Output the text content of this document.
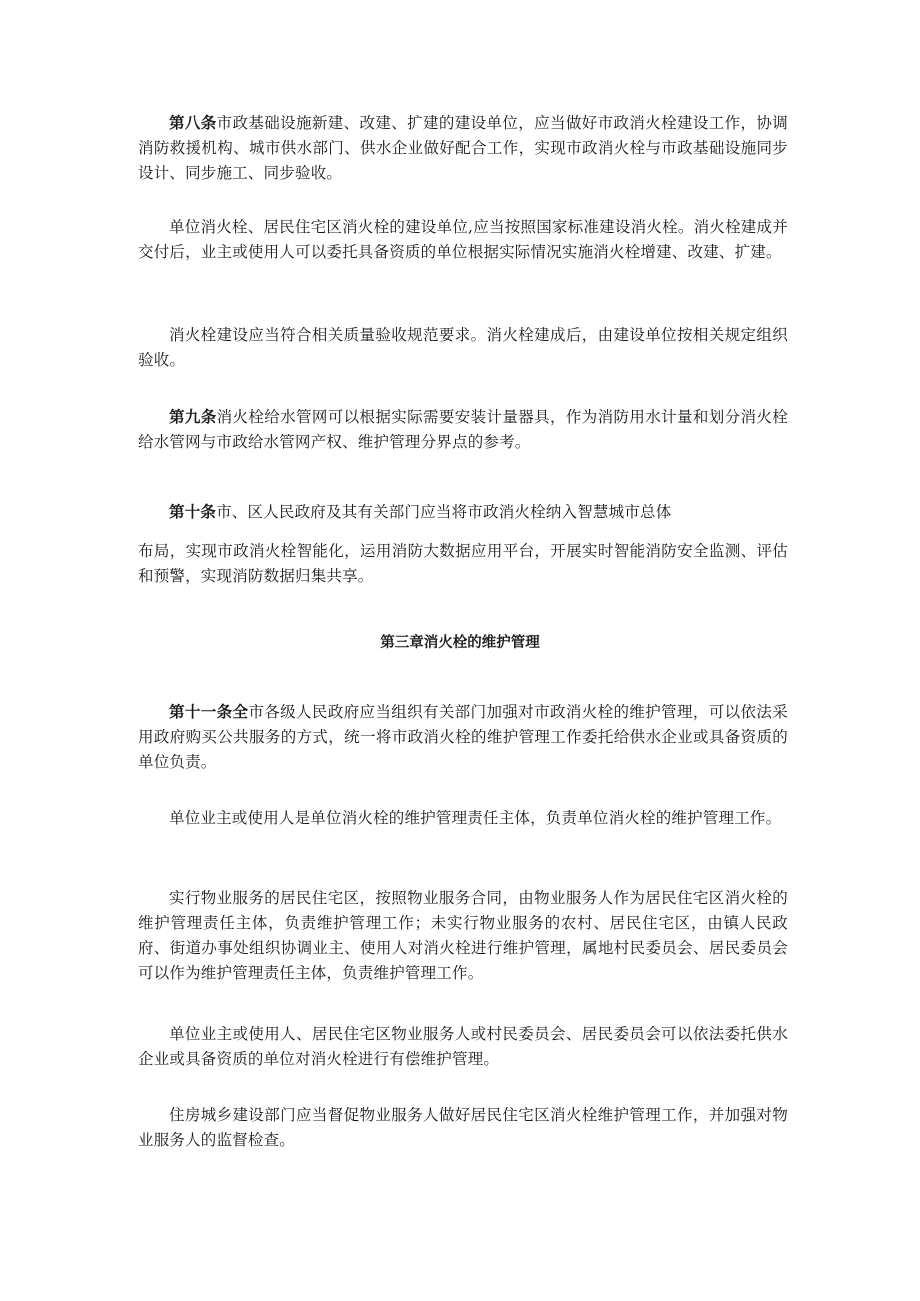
第八条市政基础设施新建、改建、扩建的建设单位，应当做好市政消火栓建设工作，协调消防救援机构、城市供水部门、供水企业做好配合工作，实现市政消火栓与市政基础设施同步设计、同步施工、同步验收。

单位消火栓、居民住宅区消火栓的建设单位,应当按照国家标准建设消火栓。消火栓建成并交付后，业主或使用人可以委托具备资质的单位根据实际情况实施消火栓增建、改建、扩建。

消火栓建设应当符合相关质量验收规范要求。消火栓建成后，由建设单位按相关规定组织验收。

第九条消火栓给水管网可以根据实际需要安装计量器具，作为消防用水计量和划分消火栓给水管网与市政给水管网产权、维护管理分界点的参考。

第十条市、区人民政府及其有关部门应当将市政消火栓纳入智慧城市总体

布局，实现市政消火栓智能化，运用消防大数据应用平台，开展实时智能消防安全监测、评估和预警，实现消防数据归集共享。

第三章消火栓的维护管理

第十一条全市各级人民政府应当组织有关部门加强对市政消火栓的维护管理，可以依法采用政府购买公共服务的方式，统一将市政消火栓的维护管理工作委托给供水企业或具备资质的单位负责。

单位业主或使用人是单位消火栓的维护管理责任主体，负责单位消火栓的维护管理工作。

实行物业服务的居民住宅区，按照物业服务合同，由物业服务人作为居民住宅区消火栓的维护管理责任主体，负责维护管理工作；未实行物业服务的农村、居民住宅区，由镇人民政府、街道办事处组织协调业主、使用人对消火栓进行维护管理，属地村民委员会、居民委员会可以作为维护管理责任主体，负责维护管理工作。

单位业主或使用人、居民住宅区物业服务人或村民委员会、居民委员会可以依法委托供水企业或具备资质的单位对消火栓进行有偿维护管理。

住房城乡建设部门应当督促物业服务人做好居民住宅区消火栓维护管理工作，并加强对物业服务人的监督检查。
